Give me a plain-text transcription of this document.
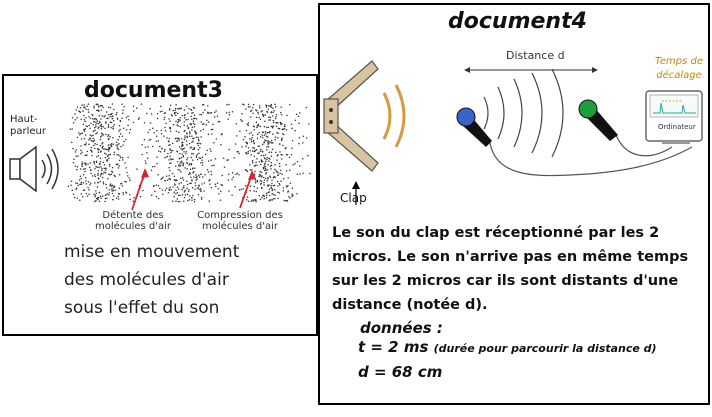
document3
Haut-
parleur
Détente des
molécules d'air
Compression des
molécules d'air
mise en mouvement
des molécules d'air
sous l'effet du son
document4
Temps de
décalage
Distance d
Ordinateur
Clap
Le son du clap est réceptionné par les 2 micros. Le son n'arrive pas en même temps sur les 2 micros car ils sont distants d'une distance (notée d).
données :
t = 2 ms (durée pour parcourir la distance d)
d = 68 cm
